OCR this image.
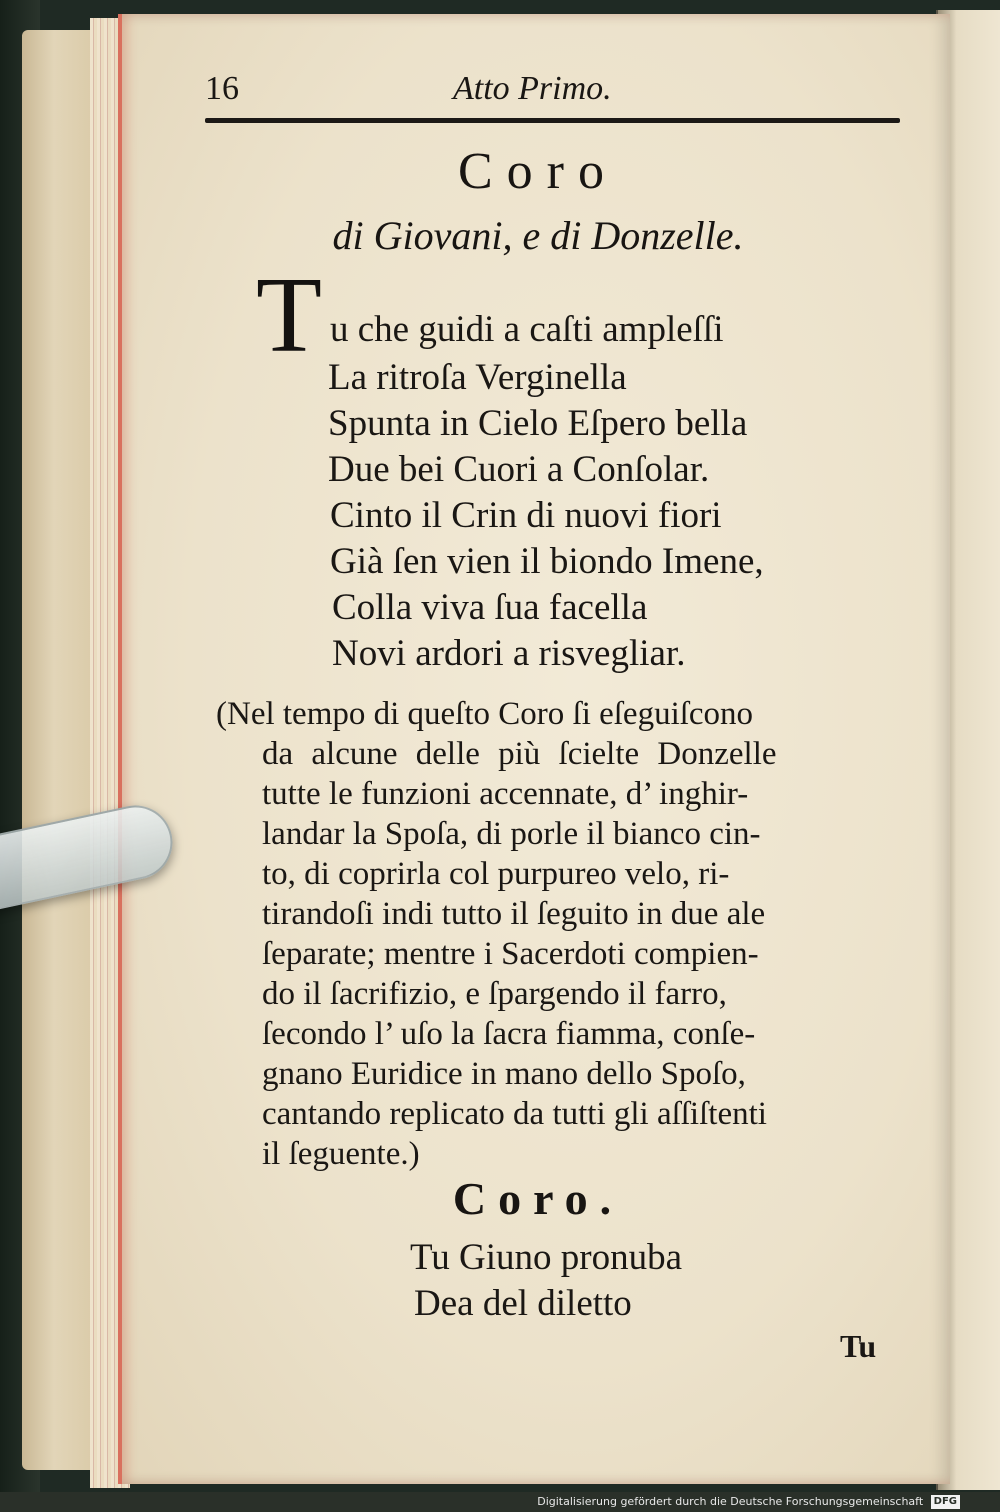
16	Atto Primo.
Coro
di Giovani, e di Donzelle.
T u che guidi a caſti ampleſſi
La ritroſa Verginella
Spunta in Cielo Eſpero bella
Due bei Cuori a Conſolar.
Cinto il Crin di nuovi fiori
Già ſen vien il biondo Imene,
Colla viva ſua facella
Novi ardori a risvegliar.
(Nel tempo di queſto Coro ſi eſeguiſcono
da alcune delle più ſcielte Donzelle
tutte le funzioni accennate, d’ inghir-
landar la Spoſa, di porle il bianco cin-
to, di coprirla col purpureo velo, ri-
tirandoſi indi tutto il ſeguito in due ale
ſeparate; mentre i Sacerdoti compien-
do il ſacrifizio, e ſpargendo il farro,
ſecondo l’ uſo la ſacra fiamma, conſe-
gnano Euridice in mano dello Spoſo,
cantando replicato da tutti gli aſſiſtenti
il ſeguente.)
Coro.
Tu Giuno pronuba
Dea del diletto
Tu
Digitalisierung gefördert durch die Deutsche Forschungsgemeinschaft DFG
